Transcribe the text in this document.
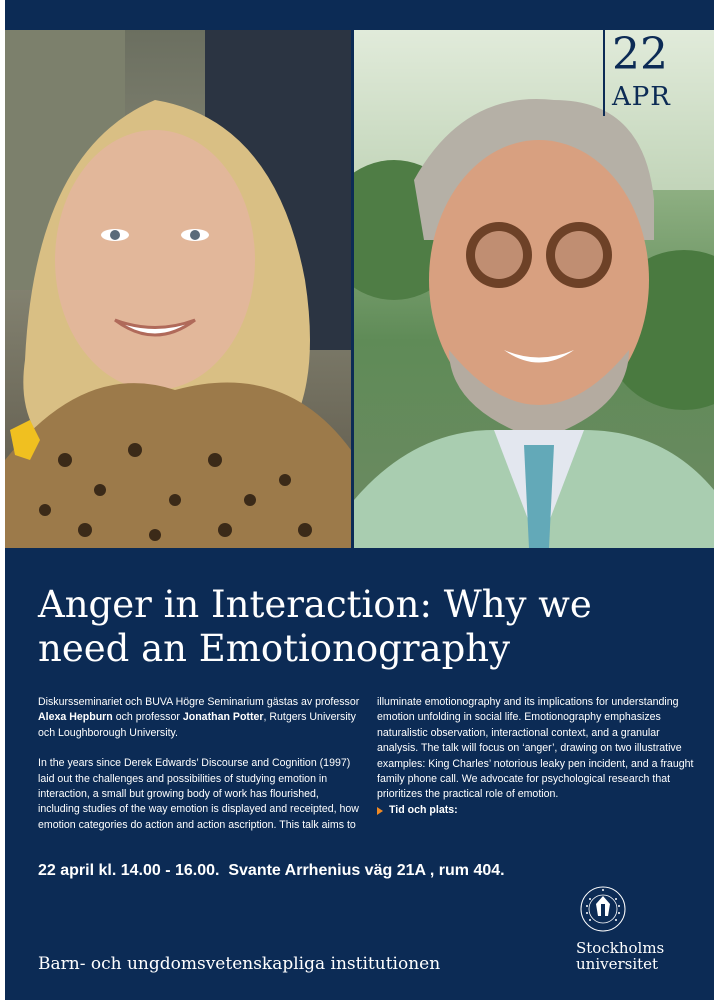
22
APR
Anger in Interaction: Why we need an Emotionography

Diskursseminariet och BUVA Högre Seminarium gästas av professor Alexa Hepburn och professor Jonathan Potter, Rutgers University och Loughborough University.

In the years since Derek Edwards’ Discourse and Cognition (1997) laid out the challenges and possibilities of studying emotion in interaction, a small but growing body of work has flourished, including studies of the way emotion is displayed and receipted, how emotion categories do action and action ascription. This talk aims to

illuminate emotionography and its implications for understanding emotion unfolding in social life. Emotionography emphasizes naturalistic observation, interactional context, and a granular analysis. The talk will focus on ‘anger’, drawing on two illustrative examples: King Charles’ notorious leaky pen incident, and a fraught family phone call. We advocate for psychological research that prioritizes the practical role of emotion.

Tid och plats:
22 april kl. 14.00 - 16.00.  Svante Arrhenius väg 21A , rum 404.
Barn- och ungdomsvetenskapliga institutionen
Stockholms
universitet
